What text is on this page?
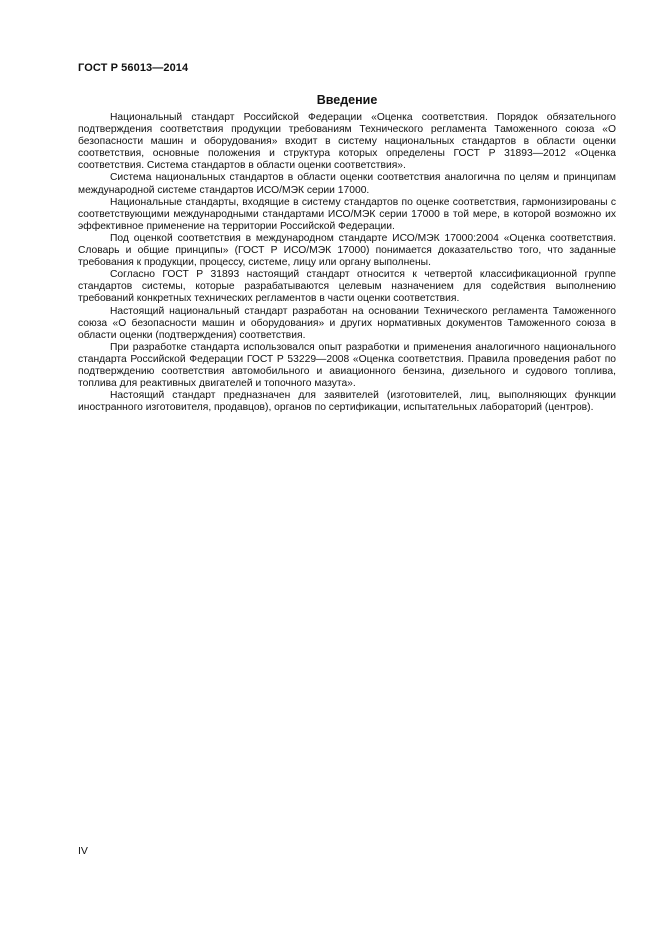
ГОСТ Р 56013—2014
Введение

Национальный стандарт Российской Федерации «Оценка соответствия. Порядок обязательного подтверждения соответствия продукции требованиям Технического регламента Таможенного союза «О безопасности машин и оборудования» входит в систему национальных стандартов в области оценки соответствия, основные положения и структура которых определены ГОСТ Р 31893—2012 «Оценка соответствия. Система стандартов в области оценки соответствия».

Система национальных стандартов в области оценки соответствия аналогична по целям и принципам международной системе стандартов ИСО/МЭК серии 17000.

Национальные стандарты, входящие в систему стандартов по оценке соответствия, гармонизированы с соответствующими международными стандартами ИСО/МЭК серии 17000 в той мере, в которой возможно их эффективное применение на территории Российской Федерации.

Под оценкой соответствия в международном стандарте ИСО/МЭК 17000:2004 «Оценка соответствия. Словарь и общие принципы» (ГОСТ Р ИСО/МЭК 17000) понимается доказательство того, что заданные требования к продукции, процессу, системе, лицу или органу выполнены.

Согласно ГОСТ Р 31893 настоящий стандарт относится к четвертой классификационной группе стандартов системы, которые разрабатываются целевым назначением для содействия выполнению требований конкретных технических регламентов в части оценки соответствия.

Настоящий национальный стандарт разработан на основании Технического регламента Таможенного союза «О безопасности машин и оборудования» и других нормативных документов Таможенного союза в области оценки (подтверждения) соответствия.

При разработке стандарта использовался опыт разработки и применения аналогичного национального стандарта Российской Федерации ГОСТ Р 53229—2008 «Оценка соответствия. Правила проведения работ по подтверждению соответствия автомобильного и авиационного бензина, дизельного и судового топлива, топлива для реактивных двигателей и топочного мазута».

Настоящий стандарт предназначен для заявителей (изготовителей, лиц, выполняющих функции иностранного изготовителя, продавцов), органов по сертификации, испытательных лабораторий (центров).

IV
